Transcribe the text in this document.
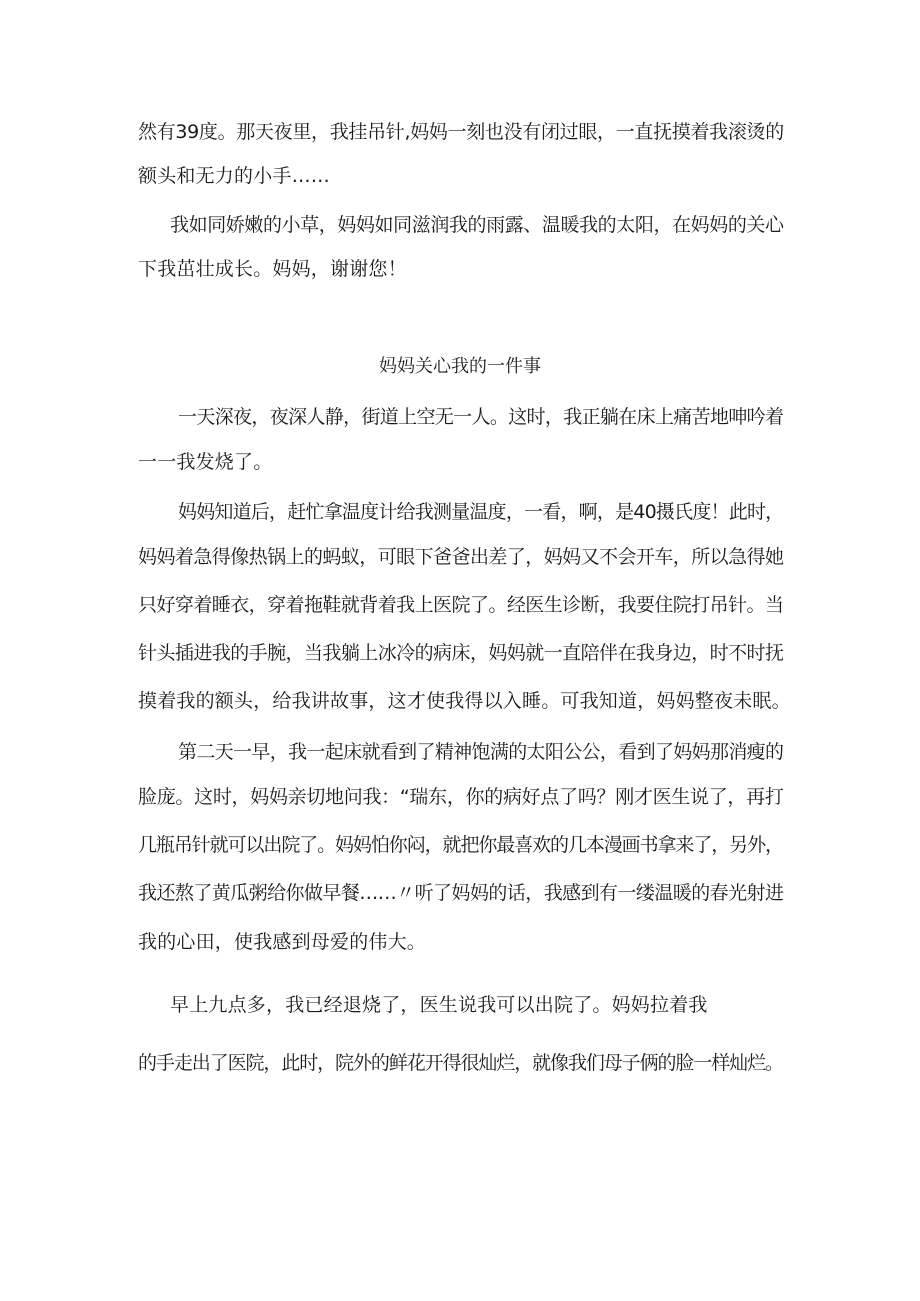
然有39度。那天夜里，我挂吊针,妈妈一刻也没有闭过眼，一直抚摸着我滚烫的
额头和无力的小手……
我如同娇嫩的小草，妈妈如同滋润我的雨露、温暖我的太阳，在妈妈的关心
下我茁壮成长。妈妈，谢谢您！
妈妈关心我的一件事
一天深夜，夜深人静，街道上空无一人。这时，我正躺在床上痛苦地呻吟着
一一我发烧了。
妈妈知道后，赶忙拿温度计给我测量温度，一看，啊，是40摄氏度！此时，
妈妈着急得像热锅上的蚂蚁，可眼下爸爸出差了，妈妈又不会开车，所以急得她
只好穿着睡衣，穿着拖鞋就背着我上医院了。经医生诊断，我要住院打吊针。当
针头插进我的手腕，当我躺上冰冷的病床，妈妈就一直陪伴在我身边，时不时抚
摸着我的额头，给我讲故事，这才使我得以入睡。可我知道，妈妈整夜未眠。
第二天一早，我一起床就看到了精神饱满的太阳公公，看到了妈妈那消瘦的
脸庞。这时，妈妈亲切地问我：“瑞东，你的病好点了吗？刚才医生说了，再打
几瓶吊针就可以出院了。妈妈怕你闷，就把你最喜欢的几本漫画书拿来了，另外，
我还熬了黄瓜粥给你做早餐……〃听了妈妈的话，我感到有一缕温暖的春光射进
我的心田，使我感到母爱的伟大。
早上九点多，我已经退烧了，医生说我可以出院了。妈妈拉着我
的手走出了医院，此时，院外的鲜花开得很灿烂，就像我们母子俩的脸一样灿烂。
